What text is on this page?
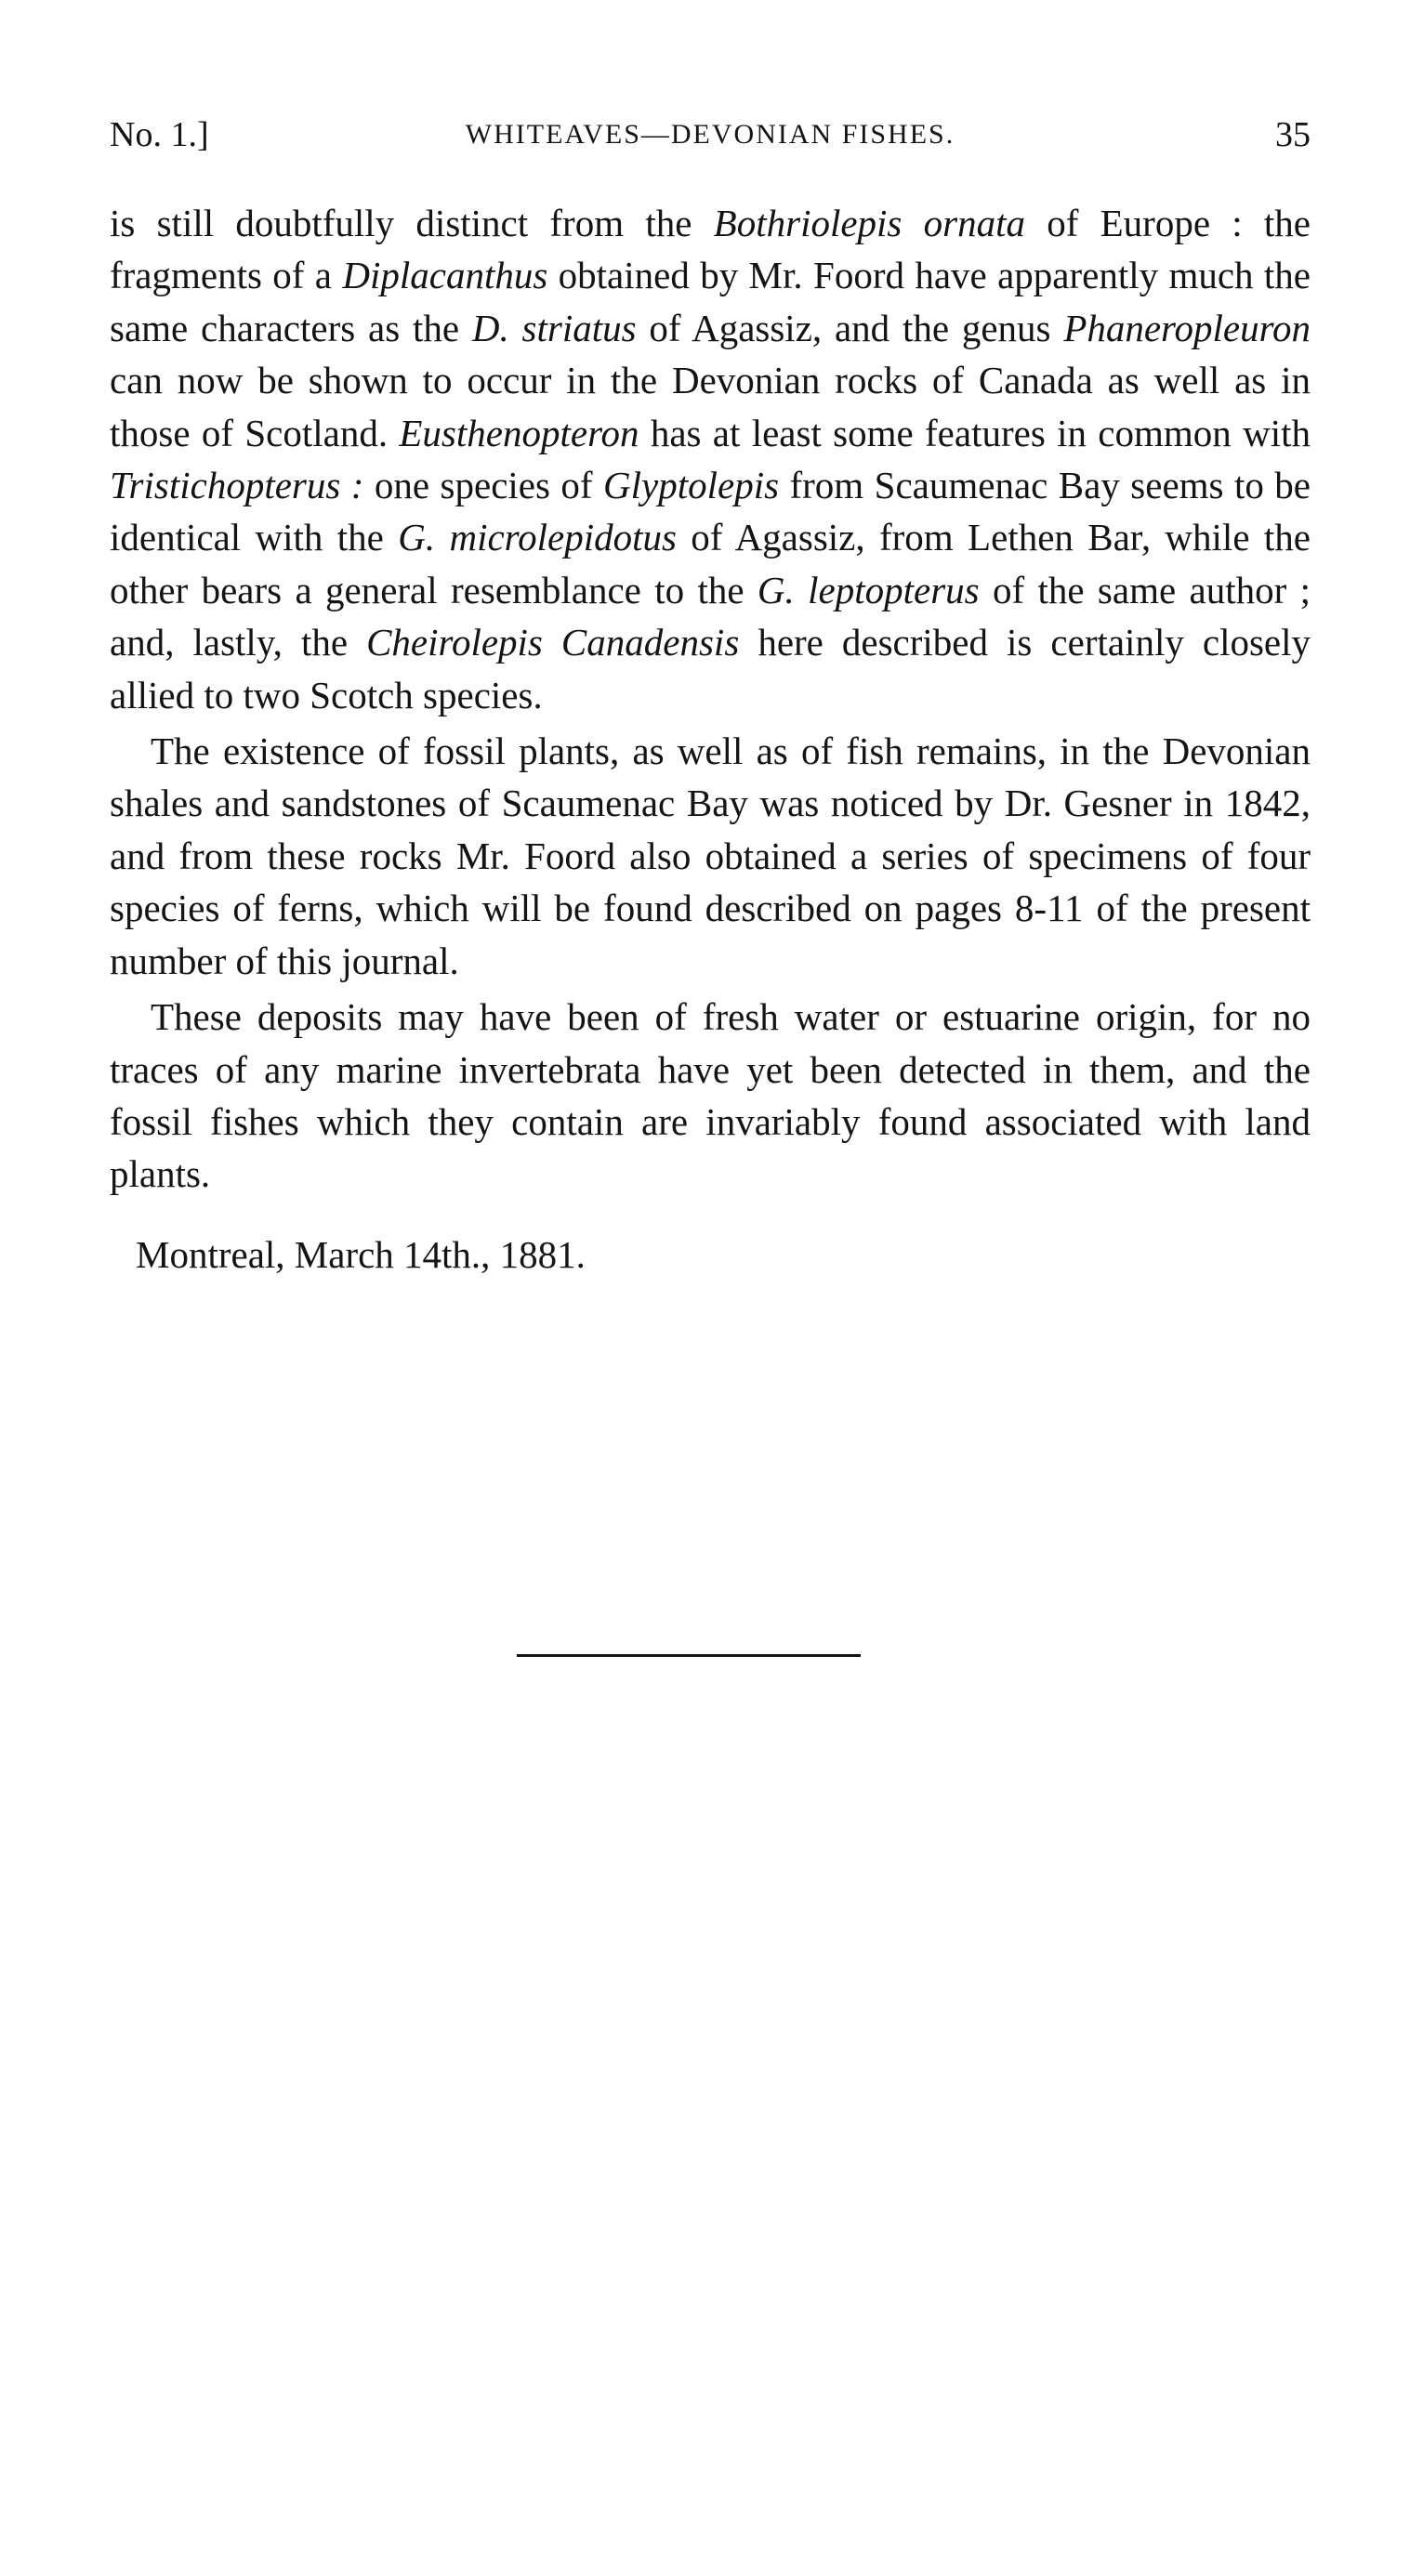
No. 1.]	WHITEAVES—DEVONIAN FISHES.	35

is still doubtfully distinct from the Bothriolepis ornata of Europe : the fragments of a Diplacanthus obtained by Mr. Foord have apparently much the same characters as the D. striatus of Agassiz, and the genus Phaneropleuron can now be shown to occur in the Devonian rocks of Canada as well as in those of Scotland. Eusthenopteron has at least some features in common with Tristichopterus : one species of Glyptolepis from Scaumenac Bay seems to be identical with the G. microlepidotus of Agassiz, from Lethen Bar, while the other bears a general resemblance to the G. leptopterus of the same author ; and, lastly, the Cheirolepis Canadensis here described is certainly closely allied to two Scotch species.

The existence of fossil plants, as well as of fish remains, in the Devonian shales and sandstones of Scaumenac Bay was noticed by Dr. Gesner in 1842, and from these rocks Mr. Foord also obtained a series of specimens of four species of ferns, which will be found described on pages 8-11 of the present number of this journal.

These deposits may have been of fresh water or estuarine origin, for no traces of any marine invertebrata have yet been detected in them, and the fossil fishes which they contain are invariably found associated with land plants.

Montreal, March 14th., 1881.
